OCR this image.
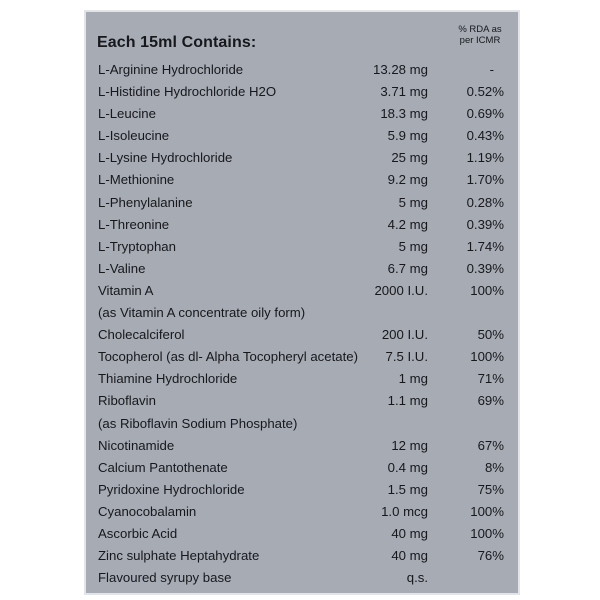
Each 15ml Contains:
% RDA as
per ICMR
L-Arginine Hydrochloride	13.28 mg	-
L-Histidine Hydrochloride H2O	3.71 mg	0.52%
L-Leucine	18.3 mg	0.69%
L-Isoleucine	5.9 mg	0.43%
L-Lysine Hydrochloride	25 mg	1.19%
L-Methionine	9.2 mg	1.70%
L-Phenylalanine	5 mg	0.28%
L-Threonine	4.2 mg	0.39%
L-Tryptophan	5 mg	1.74%
L-Valine	6.7 mg	0.39%
Vitamin A	2000 I.U.	100%
(as Vitamin A concentrate oily form)
Cholecalciferol	200 I.U.	50%
Tocopherol (as dl- Alpha Tocopheryl acetate) 7.5 I.U.	100%
Thiamine Hydrochloride	1 mg	71%
Riboflavin	1.1 mg	69%
(as Riboflavin Sodium Phosphate)
Nicotinamide	12 mg	67%
Calcium Pantothenate	0.4 mg	8%
Pyridoxine Hydrochloride	1.5 mg	75%
Cyanocobalamin	1.0 mcg	100%
Ascorbic Acid	40 mg	100%
Zinc sulphate Heptahydrate	40 mg	76%
Flavoured syrupy base	q.s.
